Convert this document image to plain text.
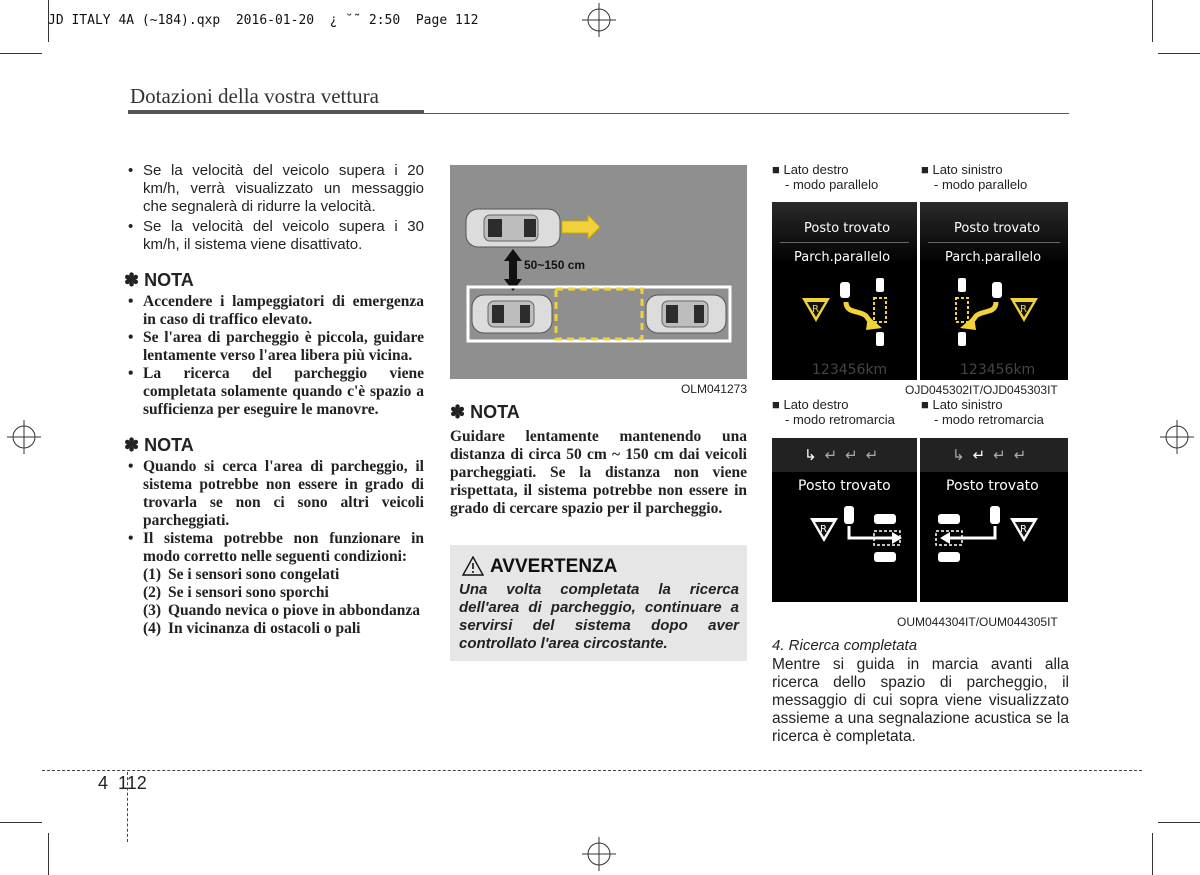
JD ITALY 4A (~184).qxp  2016-01-20  ¿ ˘˜ 2:50  Page 112
Dotazioni della vostra vettura
• Se la velocità del veicolo supera i 20 km/h, verrà visualizzato un messaggio che segnalerà di ridurre la velocità.
• Se la velocità del veicolo supera i 30 km/h, il sistema viene disattivato.
✽ NOTA
• Accendere i lampeggiatori di emergenza in caso di traffico elevato.
• Se l'area di parcheggio è piccola, guidare lentamente verso l'area libera più vicina.
• La ricerca del parcheggio viene completata solamente quando c'è spazio a sufficienza per eseguire le manovre.
✽ NOTA
• Quando si cerca l'area di parcheggio, il sistema potrebbe non essere in grado di trovarla se non ci sono altri veicoli parcheggiati.
• Il sistema potrebbe non funzionare in modo corretto nelle seguenti condizioni:
(1) Se i sensori sono congelati
(2) Se i sensori sono sporchi
(3) Quando nevica o piove in abbondanza
(4) In vicinanza di ostacoli o pali
50~150 cm
OLM041273
✽ NOTA
Guidare lentamente mantenendo una distanza di circa 50 cm ~ 150 cm dai veicoli parcheggiati. Se la distanza non viene rispettata, il sistema potrebbe non essere in grado di cercare spazio per il parcheggio.
AVVERTENZA
Una volta completata la ricerca dell'area di parcheggio, continuare a servirsi del sistema dopo aver controllato l'area circostante.
■ Lato destro
- modo parallelo
■ Lato sinistro
- modo parallelo
Posto trovato
Parch.parallelo
R
123456km
Posto trovato
Parch.parallelo
R
123456km
OJD045302IT/OJD045303IT
■ Lato destro
- modo retromarcia
■ Lato sinistro
- modo retromarcia
↳↵↵↵
Posto trovato
R
↳↵↵↵
Posto trovato
R
OUM044304IT/OUM044305IT
4. Ricerca completata
Mentre si guida in marcia avanti alla ricerca dello spazio di parcheggio, il messaggio di cui sopra viene visualizzato assieme a una segnalazione acustica se la ricerca è completata.
4 112
